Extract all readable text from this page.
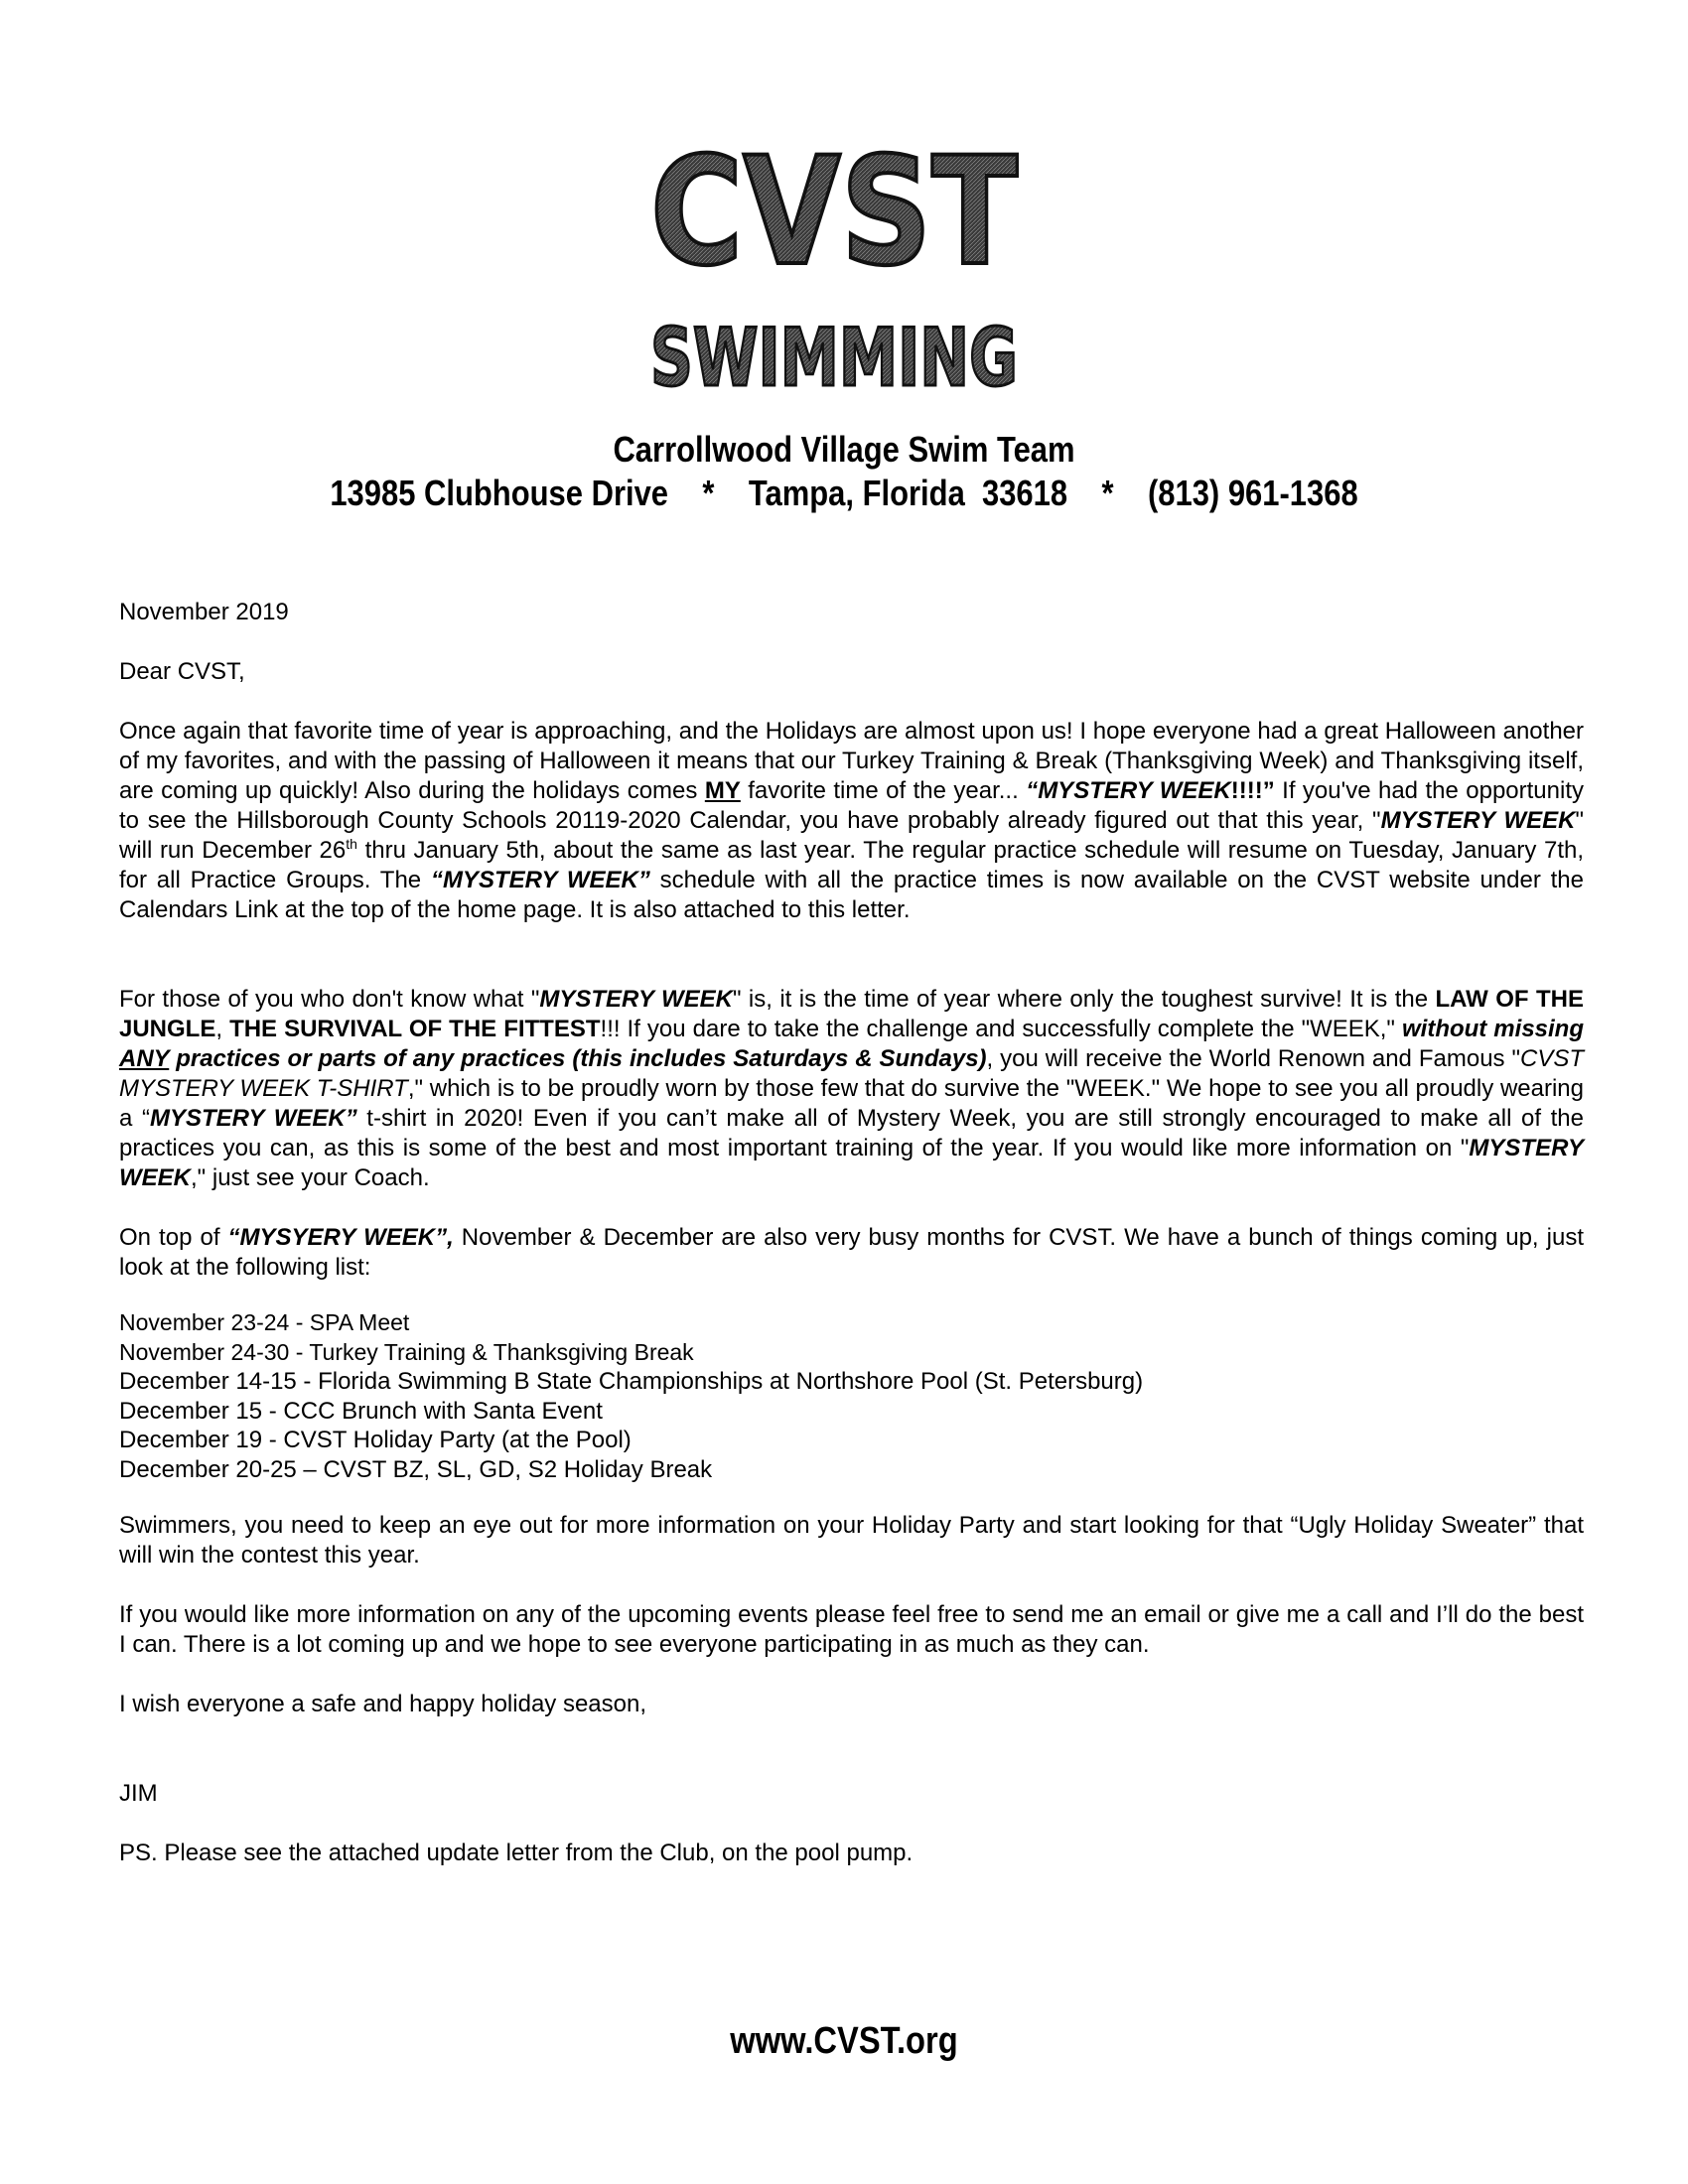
CVST
SWIMMING
Carrollwood Village Swim Team
13985 Clubhouse Drive    *    Tampa, Florida  33618    *    (813) 961-1368
November 2019
Dear CVST,

Once again that favorite time of year is approaching, and the Holidays are almost upon us! I hope everyone had a great Halloween another of my favorites, and with the passing of Halloween it means that our Turkey Training & Break (Thanksgiving Week) and Thanksgiving itself, are coming up quickly! Also during the holidays comes MY favorite time of the year... “MYSTERY WEEK!!!!” If you've had the opportunity to see the Hillsborough County Schools 20119-2020 Calendar, you have probably already figured out that this year, "MYSTERY WEEK" will run December 26th thru January 5th, about the same as last year. The regular practice schedule will resume on Tuesday, January 7th, for all Practice Groups. The “MYSTERY WEEK” schedule with all the practice times is now available on the CVST website under the Calendars Link at the top of the home page. It is also attached to this letter.

For those of you who don't know what "MYSTERY WEEK" is, it is the time of year where only the toughest survive! It is the LAW OF THE JUNGLE, THE SURVIVAL OF THE FITTEST!!! If you dare to take the challenge and successfully complete the "WEEK," without missing ANY practices or parts of any practices (this includes Saturdays & Sundays), you will receive the World Renown and Famous "CVST MYSTERY WEEK T-SHIRT," which is to be proudly worn by those few that do survive the "WEEK." We hope to see you all proudly wearing a “MYSTERY WEEK” t-shirt in 2020! Even if you can’t make all of Mystery Week, you are still strongly encouraged to make all of the practices you can, as this is some of the best and most important training of the year. If you would like more information on "MYSTERY WEEK," just see your Coach.

On top of “MYSYERY WEEK”, November & December are also very busy months for CVST. We have a bunch of things coming up, just look at the following list:

November 23-24 - SPA Meet

November 24-30 - Turkey Training & Thanksgiving Break

December 14-15 - Florida Swimming B State Championships at Northshore Pool (St. Petersburg)

December 15 - CCC Brunch with Santa Event

December 19 - CVST Holiday Party (at the Pool)

December 20-25 – CVST BZ, SL, GD, S2 Holiday Break

Swimmers, you need to keep an eye out for more information on your Holiday Party and start looking for that “Ugly Holiday Sweater” that will win the contest this year.

If you would like more information on any of the upcoming events please feel free to send me an email or give me a call and I’ll do the best I can. There is a lot coming up and we hope to see everyone participating in as much as they can.

I wish everyone a safe and happy holiday season,
JIM
PS. Please see the attached update letter from the Club, on the pool pump.
www.CVST.org
